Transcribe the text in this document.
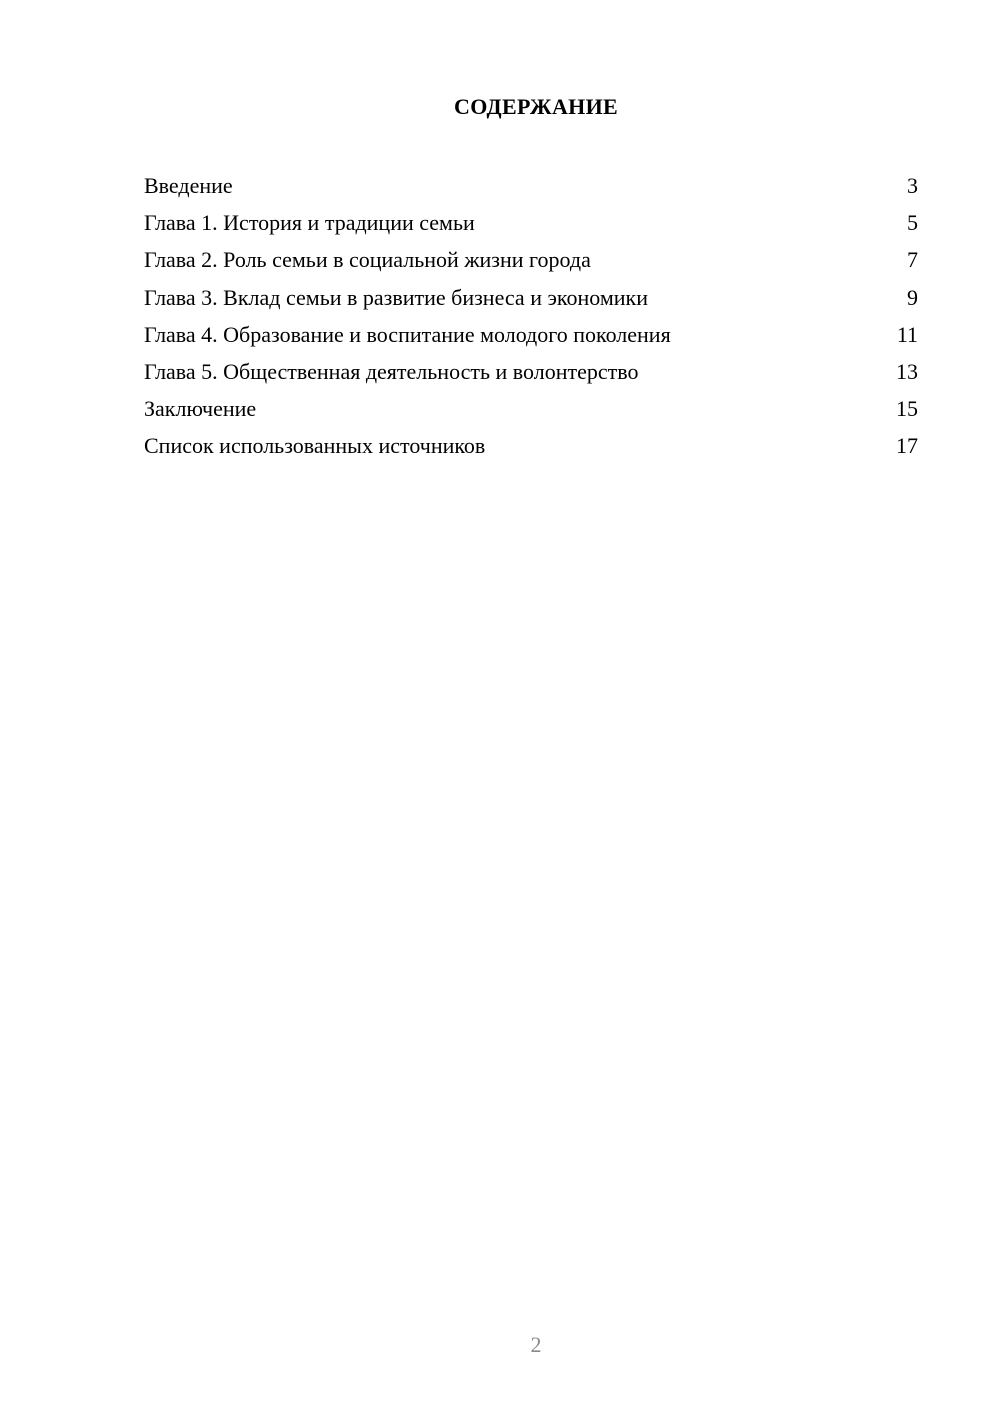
СОДЕРЖАНИЕ
Введение	3
Глава 1. История и традиции семьи	5
Глава 2. Роль семьи в социальной жизни города	7
Глава 3. Вклад семьи в развитие бизнеса и экономики	9
Глава 4. Образование и воспитание молодого поколения	11
Глава 5. Общественная деятельность и волонтерство	13
Заключение	15
Список использованных источников	17
2
